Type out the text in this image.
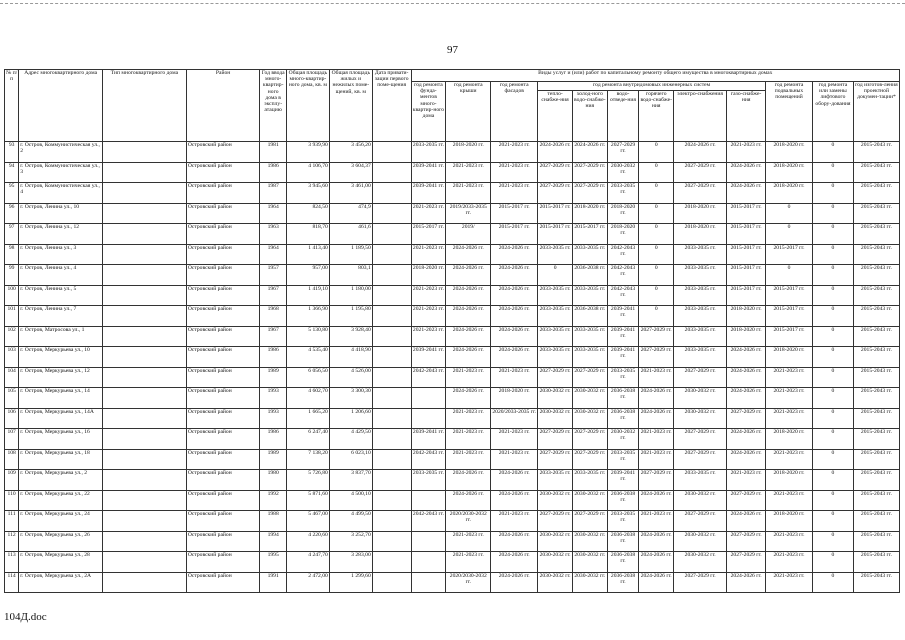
97
№ п/п	Адрес многоквартирного дома	Тип многоквартирного дома	Район	Год ввода много-квартир-ного дома в эксплу-атацию	Общая площадь много-квартир-ного дома, кв. м	Общая площадь жилых и нежилых поме-щений, кв. м	Дата привати-зации первого поме-щения	Виды услуг и (или) работ по капитальному ремонту общего имущества в многоквартирных домах											
								год ремонта фунда-ментов много-квартир-ного дома	год ремонта крыши	год ремонта фасадов	год ремонта внутридомовых инженерных систем						год ремонта подвальных помещений	год ремонта или замены лифтового обору-дования	год изготов-ления проектной докумен-тации*
											тепло-снабже-ния	холод-ного водо-снабже-ния	водо-отведе-ния	горячего водо-снабже-ния	электро-снабжения	газо-снабже-ния			
93	г. Остров, Коммунистическая ул., 2		Островский район	1981	3 939,90	3 456,20		2033-2035 гг.	2018-2020 гг.	2021-2023 гг.	2024-2026 гг.	2024-2026 гг.	2027-2029 гг.	0	2024-2026 гг.	2021-2023 гг.	2018-2020 гг.	0	2015-2043 гг.
94	г. Остров, Коммунистическая ул., 3		Островский район	1986	4 106,70	3 604,37		2039-2041 гг.	2021-2023 гг.	2021-2023 гг.	2027-2029 гг.	2027-2029 гг.	2030-2032 гг.	0	2027-2029 гг.	2024-2026 гг.	2018-2020 гг.	0	2015-2043 гг.
95	г. Остров, Коммунистическая ул., 4		Островский район	1987	3 945,60	3 461,00		2039-2041 гг.	2021-2023 гг.	2021-2023 гг.	2027-2029 гг.	2027-2029 гг.	2033-2035 гг.	0	2027-2029 гг.	2024-2026 гг.	2018-2020 гг.	0	2015-2043 гг.
96	г. Остров, Ленина ул., 10		Островский район	1964	824,50	474,9		2021-2023 гг.	2019/2033-2035 гг.	2015-2017 гг.	2015-2017 гг.	2018-2020 гг.	2018-2020 гг.	0	2018-2020 гг.	2015-2017 гг.	0	0	2015-2043 гг.
97	г. Остров, Ленина ул., 12		Островский район	1963	818,70	461,6		2015-2017 гг.	2019/	2015-2017 гг.	2015-2017 гг.	2015-2017 гг.	2018-2020 гг.	0	2018-2020 гг.	2015-2017 гг.	0	0	2015-2043 гг.
98	г. Остров, Ленина ул., 3		Островский район	1964	1 413,40	1 189,50		2021-2023 гг.	2024-2026 гг.	2024-2026 гг.	2033-2035 гг.	2033-2035 гг.	2042-2043 гг.	0	2033-2035 гг.	2015-2017 гг.	2015-2017 гг.	0	2015-2043 гг.
99	г. Остров, Ленина ул., 4		Островский район	1957	957,00	803,1		2018-2020 гг.	2024-2026 гг.	2024-2026 гг.	0	2036-2038 гг.	2042-2043 гг.	0	2033-2035 гг.	2015-2017 гг.	0	0	2015-2043 гг.
100	г. Остров, Ленина ул., 5		Островский район	1967	1 419,10	1 180,00		2021-2023 гг.	2024-2026 гг.	2024-2026 гг.	2033-2035 гг.	2033-2035 гг.	2042-2043 гг.	0	2033-2035 гг.	2015-2017 гг.	2015-2017 гг.	0	2015-2043 гг.
101	г. Остров, Ленина ул., 7		Островский район	1968	1 366,90	1 195,80		2021-2023 гг.	2024-2026 гг.	2024-2026 гг.	2033-2035 гг.	2036-2038 гг.	2039-2041 гг.	0	2033-2035 гг.	2018-2020 гг.	2015-2017 гг.	0	2015-2043 гг.
102	г. Остров, Матросова ул., 1		Островский район	1967	5 130,80	3 928,40		2021-2023 гг.	2024-2026 гг.	2024-2026 гг.	2033-2035 гг.	2033-2035 гг.	2039-2041 гг.	2027-2029 гг.	2033-2035 гг.	2018-2020 гг.	2015-2017 гг.	0	2015-2043 гг.
103	г. Остров, Меркурьева ул., 10		Островский район	1986	4 535,40	4 418,90		2039-2041 гг.	2024-2026 гг.	2024-2026 гг.	2033-2035 гг.	2033-2035 гг.	2039-2041 гг.	2027-2029 гг.	2033-2035 гг.	2024-2026 гг.	2018-2020 гг.	0	2015-2043 гг.
104	г. Остров, Меркурьева ул., 12		Островский район	1989	6 056,50	4 526,00		2042-2043 гг.	2021-2023 гг.	2021-2023 гг.	2027-2029 гг.	2027-2029 гг.	2033-2035 гг.	2021-2023 гг.	2027-2029 гг.	2024-2026 гг.	2021-2023 гг.	0	2015-2043 гг.
105	г. Остров, Меркурьева ул., 14		Островский район	1993	4 602,70	3 300,30			2024-2026 гг.	2018-2020 гг.	2030-2032 гг.	2030-2032 гг.	2036-2038 гг.	2024-2026 гг.	2030-2032 гг.	2024-2026 гг.	2021-2023 гг.	0	2015-2043 гг.
106	г. Остров, Меркурьева ул., 14А		Островский район	1993	1 665,20	1 206,60			2021-2023 гг.	2020/2033-2035 гг.	2030-2032 гг.	2030-2032 гг.	2036-2038 гг.	2024-2026 гг.	2030-2032 гг.	2027-2029 гг.	2021-2023 гг.	0	2015-2043 гг.
107	г. Остров, Меркурьева ул., 16		Островский район	1986	6 247,40	4 429,50		2039-2041 гг.	2021-2023 гг.	2021-2023 гг.	2027-2029 гг.	2027-2029 гг.	2030-2032 гг.	2021-2023 гг.	2027-2029 гг.	2024-2026 гг.	2018-2020 гг.	0	2015-2043 гг.
108	г. Остров, Меркурьева ул., 18		Островский район	1989	7 138,20	6 023,10		2042-2043 гг.	2021-2023 гг.	2021-2023 гг.	2027-2029 гг.	2027-2029 гг.	2033-2035 гг.	2021-2023 гг.	2027-2029 гг.	2024-2026 гг.	2021-2023 гг.	0	2015-2043 гг.
109	г. Остров, Меркурьева ул., 2		Островский район	1980	5 726,80	3 837,70		2033-2035 гг.	2024-2026 гг.	2024-2026 гг.	2033-2035 гг.	2033-2035 гг.	2039-2041 гг.	2027-2029 гг.	2033-2035 гг.	2021-2023 гг.	2018-2020 гг.	0	2015-2043 гг.
110	г. Остров, Меркурьева ул., 22		Островский район	1992	5 871,60	4 500,10			2024-2026 гг.	2024-2026 гг.	2030-2032 гг.	2030-2032 гг.	2036-2038 гг.	2024-2026 гг.	2030-2032 гг.	2027-2029 гг.	2021-2023 гг.	0	2015-2043 гг.
111	г. Остров, Меркурьева ул., 24		Островский район	1988	5 467,00	4 499,50		2042-2043 гг.	2020/2030-2032 гг.	2021-2023 гг.	2027-2029 гг.	2027-2029 гг.	2033-2035 гг.	2021-2023 гг.	2027-2029 гг.	2024-2026 гг.	2018-2020 гг.	0	2015-2043 гг.
112	г. Остров, Меркурьева ул., 26		Островский район	1994	4 220,60	3 252,70			2021-2023 гг.	2024-2026 гг.	2030-2032 гг.	2030-2032 гг.	2036-2038 гг.	2024-2026 гг.	2030-2032 гг.	2027-2029 гг.	2021-2023 гг.	0	2015-2043 гг.
113	г. Остров, Меркурьева ул., 28		Островский район	1995	4 247,70	3 283,00			2021-2023 гг.	2024-2026 гг.	2030-2032 гг.	2030-2032 гг.	2036-2038 гг.	2024-2026 гг.	2030-2032 гг.	2027-2029 гг.	2021-2023 гг.	0	2015-2043 гг.
114	г. Остров, Меркурьева ул., 2А		Островский район	1991	2 472,00	1 299,60			2020/2030-2032 гг.	2024-2026 гг.	2030-2032 гг.	2030-2032 гг.	2036-2038 гг.	2024-2026 гг.	2027-2029 гг.	2024-2026 гг.	2021-2023 гг.	0	2015-2043 гг.
104Д.doc
